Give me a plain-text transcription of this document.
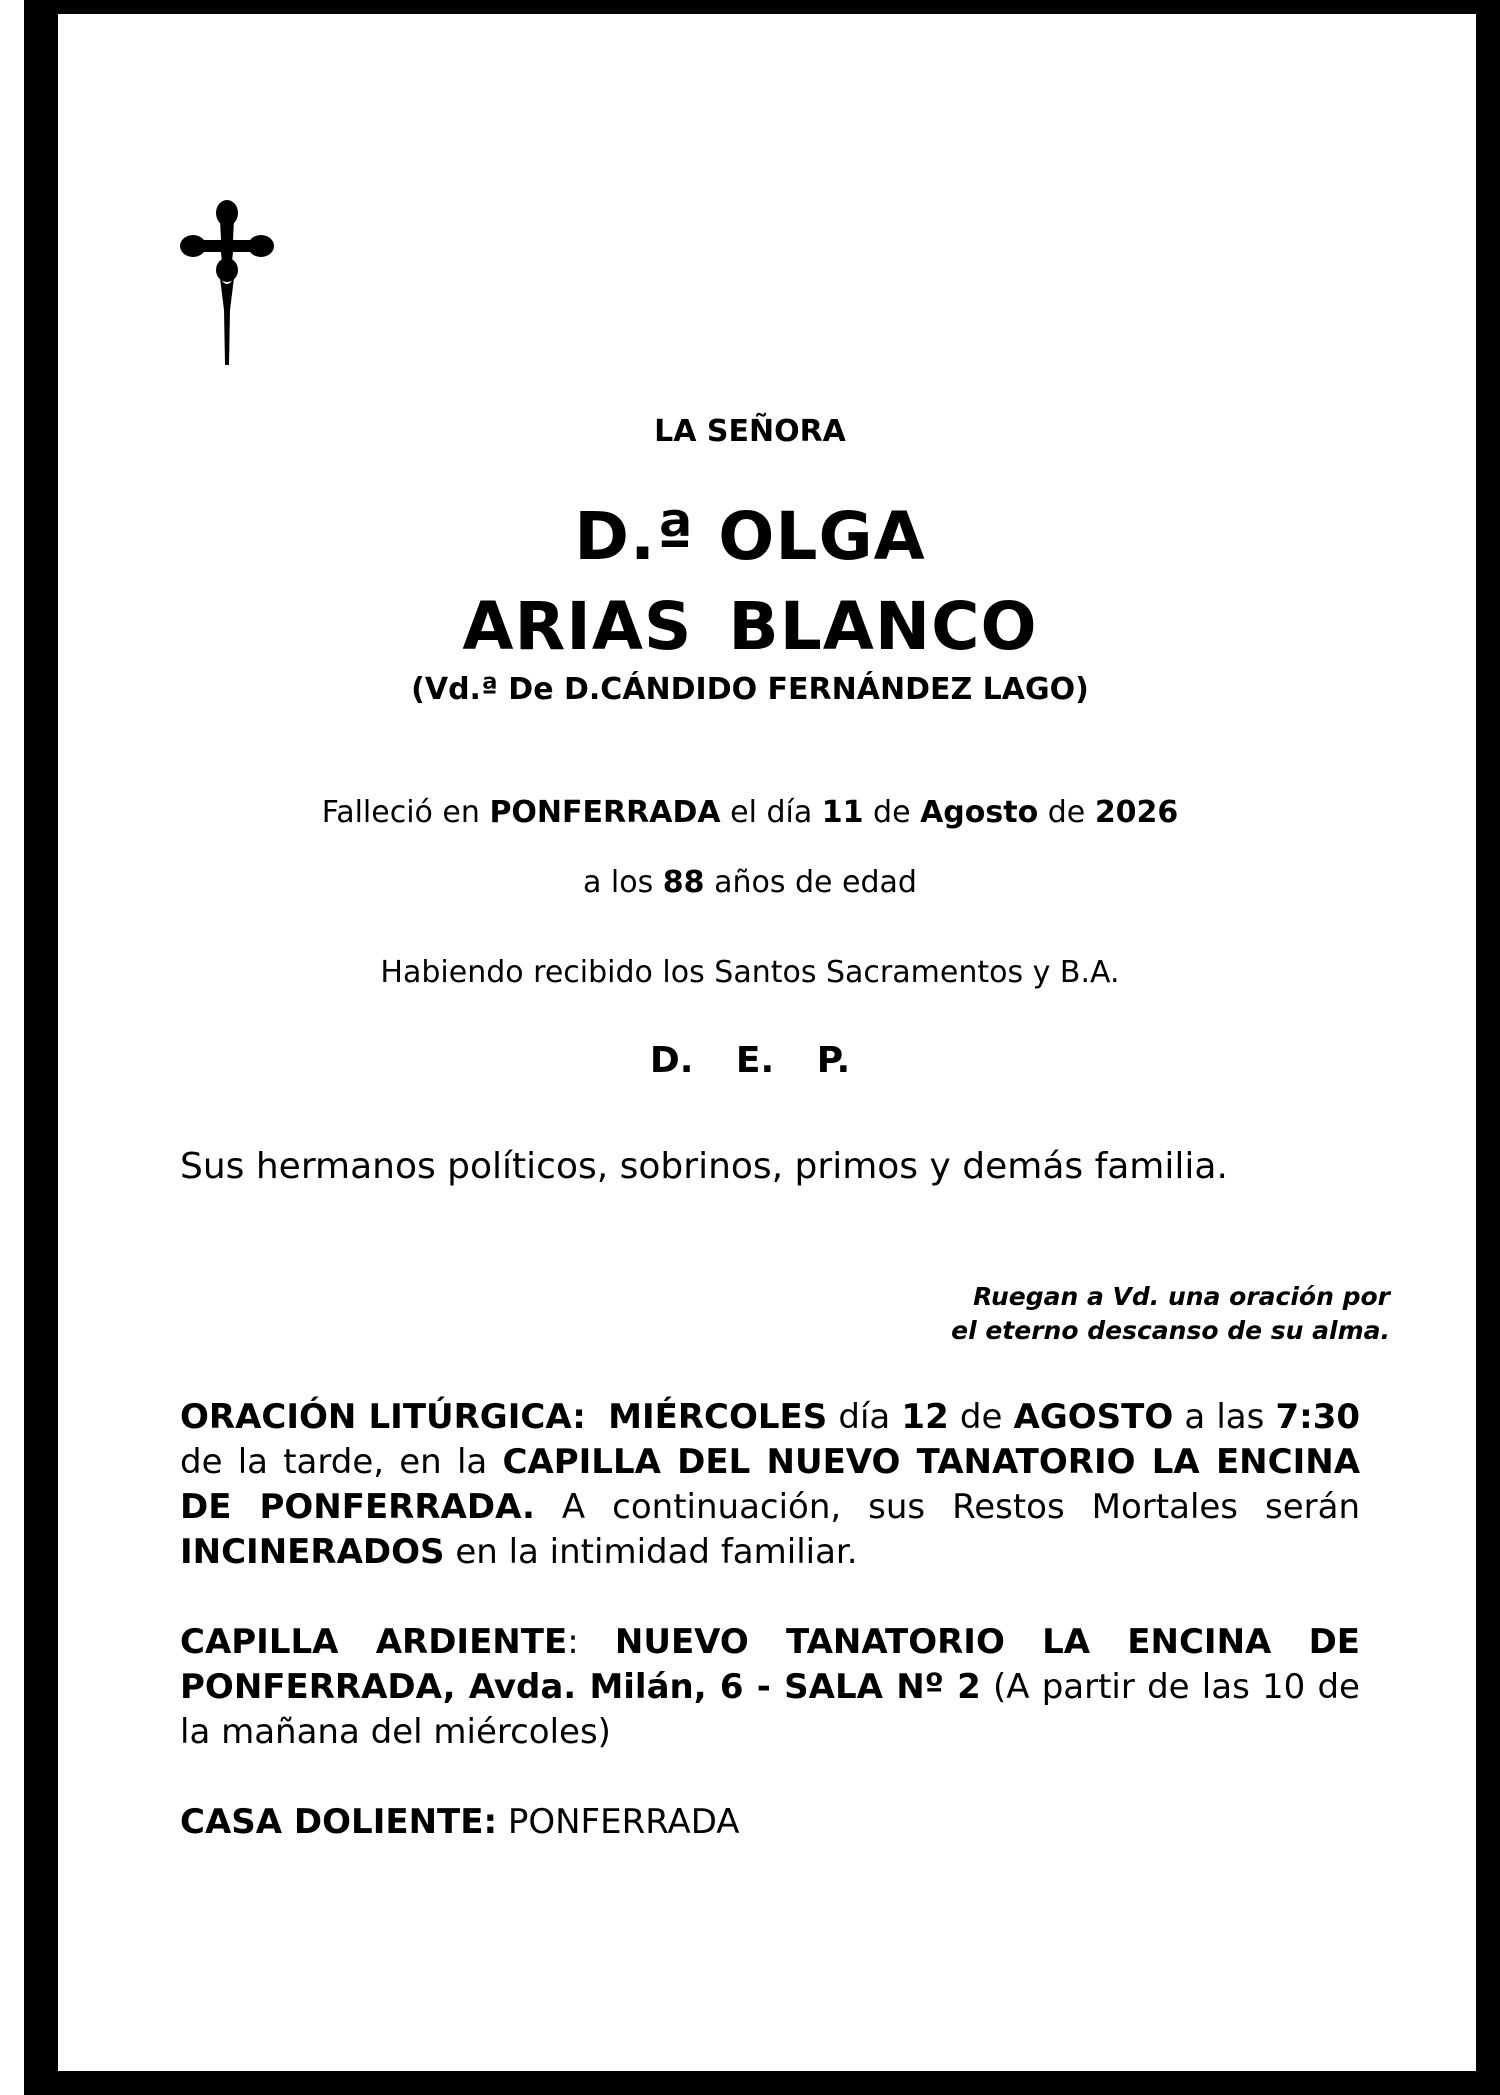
LA SEÑORA

D.ª OLGA

ARIAS BLANCO

(Vd.ª De D.CÁNDIDO FERNÁNDEZ LAGO)

Falleció en PONFERRADA el día 11 de Agosto de 2026

a los 88 años de edad

Habiendo recibido los Santos Sacramentos y B.A.

D. E. P.

Sus hermanos políticos, sobrinos, primos y demás familia.

Ruegan a Vd. una oración por
el eterno descanso de su alma.

ORACIÓN LITÚRGICA: MIÉRCOLES día 12 de AGOSTO a las 7:30 de la tarde, en la CAPILLA DEL NUEVO TANATORIO LA ENCINA DE PONFERRADA. A continuación, sus Restos Mortales serán INCINERADOS en la intimidad familiar.

CAPILLA ARDIENTE: NUEVO TANATORIO LA ENCINA DE PONFERRADA, Avda. Milán, 6 - SALA Nº 2 (A partir de las 10 de la mañana del miércoles)

CASA DOLIENTE: PONFERRADA
